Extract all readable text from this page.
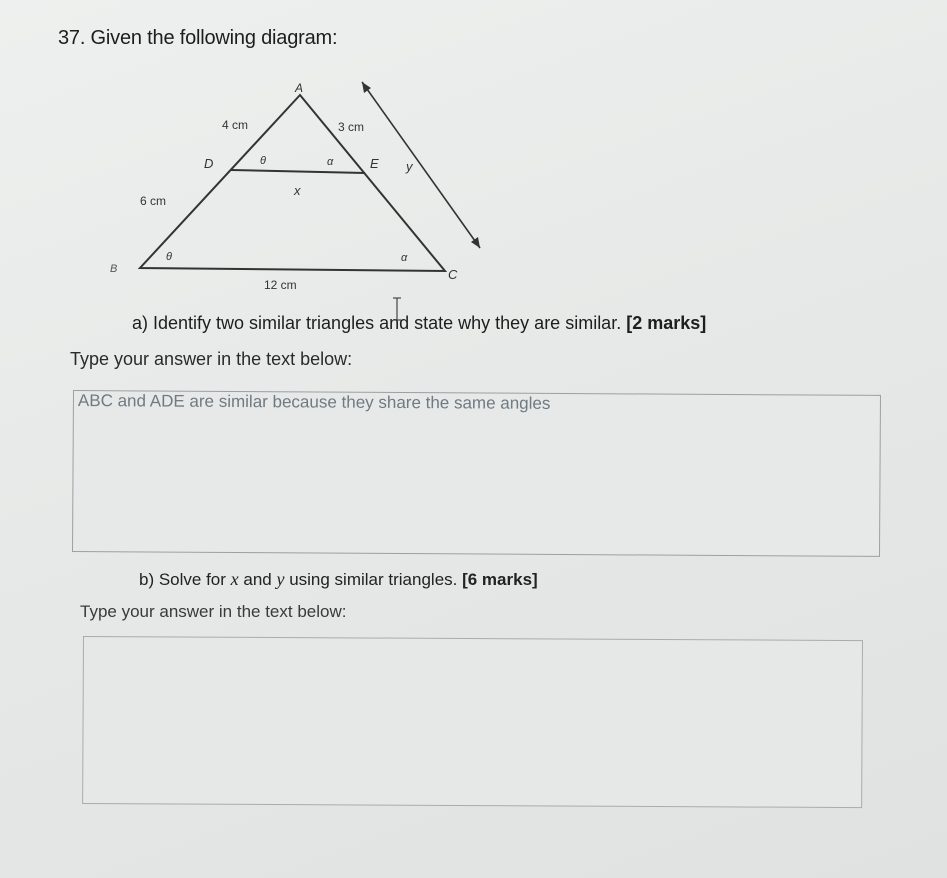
37. Given the following diagram:
A
B	C
D	E
4 cm	3 cm
6 cm
12 cm
x
y
θ	α
θ	α
a) Identify two similar triangles and state why they are similar. [2 marks]
Type your answer in the text below:
ABC and ADE are similar because they share the same angles
b) Solve for x and y using similar triangles. [6 marks]
Type your answer in the text below:
